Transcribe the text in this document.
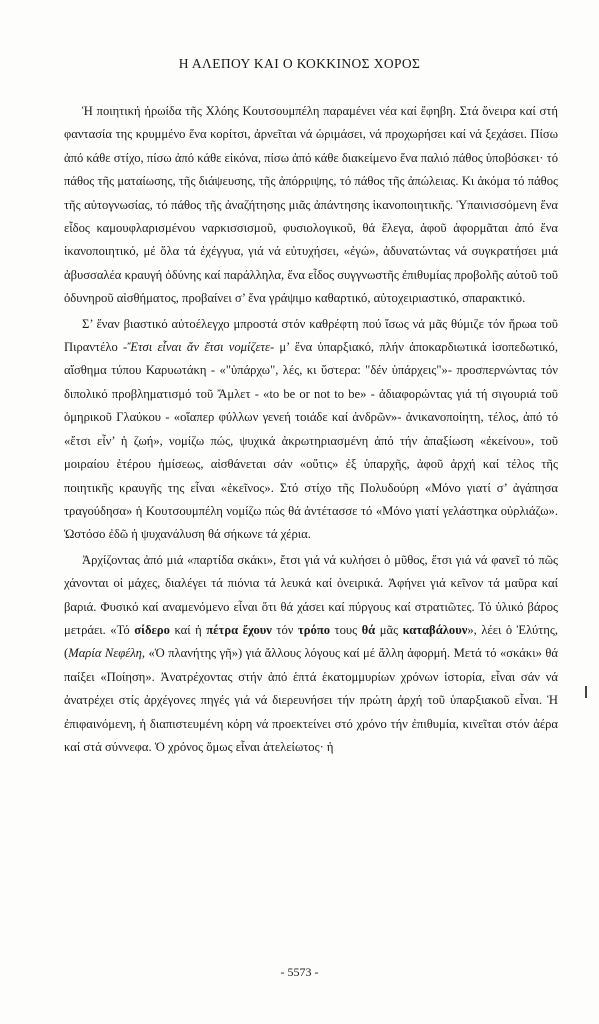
Η ΑΛΕΠΟΥ ΚΑΙ Ο ΚΟΚΚΙΝΟΣ ΧΟΡΟΣ

Ἡ ποιητική ἡρωίδα τῆς Χλόης Κουτσουμπέλη παραμένει νέα καί ἔφηβη. Στά ὄνειρα καί στή φαντασία της κρυμμένο ἕνα κορίτσι, ἀρνεῖται νά ὡριμάσει, νά προχωρήσει καί νά ξεχάσει. Πίσω ἀπό κάθε στίχο, πίσω ἀπό κάθε εἰκόνα, πίσω ἀπό κάθε διακείμενο ἕνα παλιό πάθος ὑποβόσκει· τό πάθος τῆς ματαίωσης, τῆς διάψευσης, τῆς ἀπόρριψης, τό πάθος τῆς ἀπώλειας. Κι ἀκόμα τό πάθος τῆς αὐτογνωσίας, τό πάθος τῆς ἀναζήτησης μιᾶς ἀπάντησης ἱκανοποιητικῆς. Ὑπαινισσόμενη ἕνα εἶδος καμουφλαρισμένου ναρκισσισμοῦ, φυσιολογικοῦ, θά ἔλεγα, ἀφοῦ ἀφορμᾶται ἀπό ἕνα ἱκανοποιητικό, μέ ὅλα τά ἐχέγγυα, γιά νά εὐτυχήσει, «ἐγώ», ἀδυνατώντας νά συγκρατήσει μιά ἀβυσσαλέα κραυγή ὀδύνης καί παράλληλα, ἕνα εἶδος συγγνωστῆς ἐπιθυμίας προβολῆς αὐτοῦ τοῦ ὀδυνηροῦ αἰσθήματος, προβαίνει σ’ ἕνα γράψιμο καθαρτικό, αὐτοχειριαστικό, σπαρακτικό.

Σ’ ἕναν βιαστικό αὐτοέλεγχο μπροστά στόν καθρέφτη πού ἴσως νά μᾶς θύμιζε τόν ἥρωα τοῦ Πιραντέλο -Ἔτσι εἶναι ἄν ἔτσι νομίζετε- μ’ ἕνα ὑπαρξιακό, πλήν ἀποκαρδιωτικά ἰσοπεδωτικό, αἴσθημα τύπου Καρυωτάκη - «"ὑπάρχω", λές, κι ὕστερα: "δέν ὑπάρχεις"»- προσπερνώντας τόν διπολικό προβληματισμό τοῦ Ἄμλετ - «to be or not to be» - ἀδιαφορώντας γιά τή σιγουριά τοῦ ὁμηρικοῦ Γλαύκου - «οἵαπερ φύλλων γενεή τοιάδε καί ἀνδρῶν»- ἀνικανοποίητη, τέλος, ἀπό τό «ἔτσι εἶν’ ἡ ζωή», νομίζω πώς, ψυχικά ἀκρωτηριασμένη ἀπό τήν ἀπαξίωση «ἐκείνου», τοῦ μοιραίου ἑτέρου ἡμίσεως, αἰσθάνεται σάν «οὔτις» ἐξ ὑπαρχῆς, ἀφοῦ ἀρχή καί τέλος τῆς ποιητικῆς κραυγῆς της εἶναι «ἐκεῖνος». Στό στίχο τῆς Πολυδούρη «Μόνο γιατί σ’ ἀγάπησα τραγούδησα» ἡ Κουτσουμπέλη νομίζω πώς θά ἀντέτασσε τό «Μόνο γιατί γελάστηκα οὐρλιάζω». Ὡστόσο ἐδῶ ἡ ψυχανάλυση θά σήκωνε τά χέρια.

Ἀρχίζοντας ἀπό μιά «παρτίδα σκάκι», ἔτσι γιά νά κυλήσει ὁ μῦθος, ἔτσι γιά νά φανεῖ τό πῶς χάνονται οἱ μάχες, διαλέγει τά πιόνια τά λευκά καί ὀνειρικά. Ἀφήνει γιά κεῖνον τά μαῦρα καί βαριά. Φυσικό καί αναμενόμενο εἶναι ὅτι θά χάσει καί πύργους καί στρατιῶτες. Τό ὑλικό βάρος μετράει. «Τό σίδερο καί ἡ πέτρα ἔχουν τόν τρόπο τους θά μᾶς καταβάλουν», λέει ὁ Ἐλύτης, (Μαρία Νεφέλη, «Ὁ πλανήτης γῆ») γιά ἄλλους λόγους καί μέ ἄλλη ἀφορμή. Μετά τό «σκάκι» θά παίξει «Ποίηση». Ἀνατρέχοντας στήν ἀπό ἑπτά ἑκατομμυρίων χρόνων ἱστορία, εἶναι σάν νά ἀνατρέχει στίς ἀρχέγονες πηγές γιά νά διερευνήσει τήν πρώτη ἀρχή τοῦ ὑπαρξιακοῦ εἶναι. Ἡ ἐπιφαινόμενη, ἡ διαπιστευμένη κόρη νά προεκτείνει στό χρόνο τήν ἐπιθυμία, κινεῖται στόν ἀέρα καί στά σύννεφα. Ὁ χρόνος ὅμως εἶναι ἀτελείωτος· ἡ

- 5573 -
